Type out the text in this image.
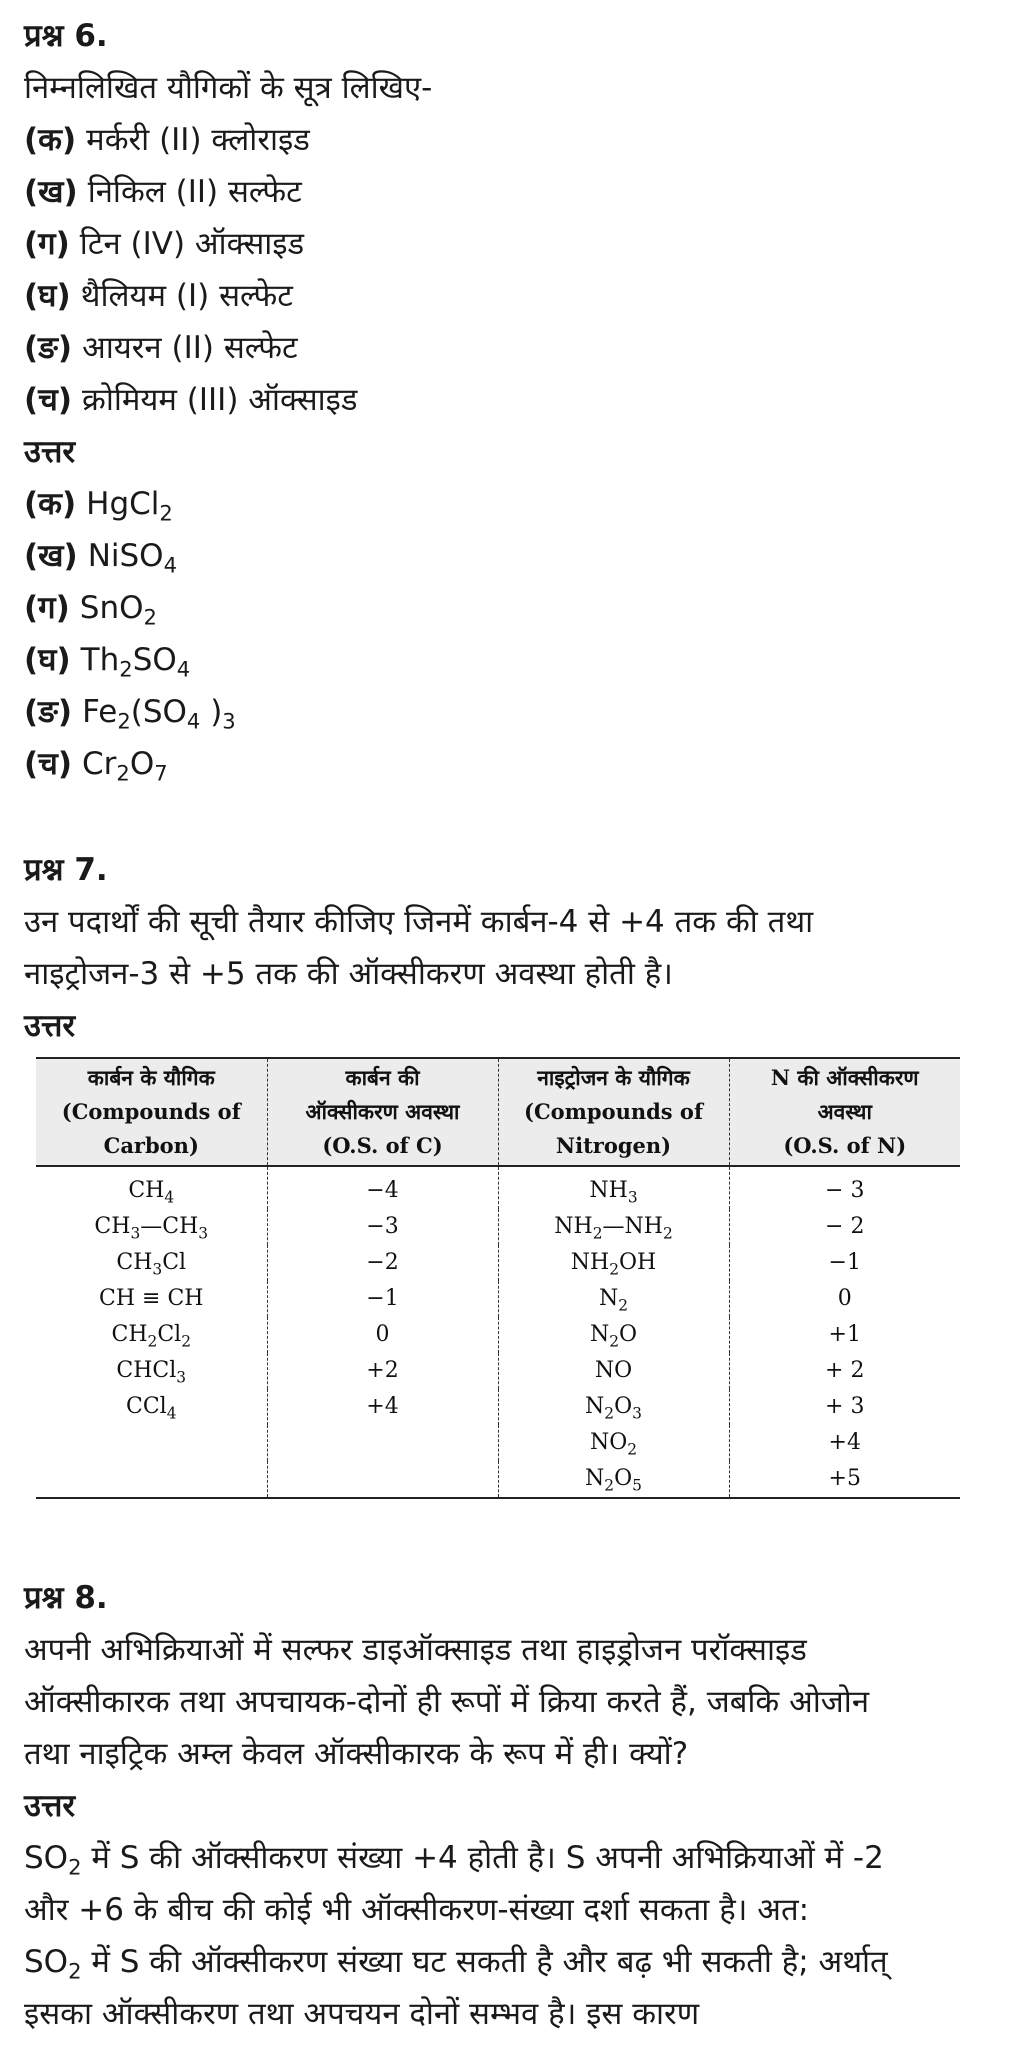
प्रश्न 6.
निम्नलिखित यौगिकों के सूत्र लिखिए-
(क) मर्करी (II) क्लोराइड
(ख) निकिल (II) सल्फेट
(ग) टिन (IV) ऑक्साइड
(घ) थैलियम (I) सल्फेट
(ङ) आयरन (II) सल्फेट
(च) क्रोमियम (III) ऑक्साइड
उत्तर
(क) HgCl$_2$
(ख) NiSO$_4$
(ग) SnO$_2$
(घ) $Th_2SO_4$
(ङ) $Fe_2(SO_4$ )$_3$
(च) $Cr_2O_7$
प्रश्न 7.
उन पदार्थों की सूची तैयार कीजिए जिनमें कार्बन-4 से +4 तक की तथा
नाइट्रोजन-3 से +5 तक की ऑक्सीकरण अवस्था होती है।
उत्तर
कार्बन के यौगिक
(Compounds of
Carbon)	कार्बन की
ऑक्सीकरण अवस्था
(O.S. of C)	नाइट्रोजन के यौगिक
(Compounds of
Nitrogen)	N की ऑक्सीकरण
अवस्था
(O.S. of N)
$CH_4$	−4	$NH_3$	− 3
$CH_3—CH_3$	−3	$NH_2—NH_2$	− 2
$CH_3Cl$	−2	$NH_2OH$	−1
CH ≡ CH	−1	$N_2$	0
$CH_2Cl_2$	0	$N_2O$	+1
CHCl$_3$	+2	NO	+ 2
CCl$_4$	+4	$N_2O_3$	+ 3
		$NO_2$	+4
		$N_2O_5$	+5
प्रश्न 8.
अपनी अभिक्रियाओं में सल्फर डाइऑक्साइड तथा हाइड्रोजन परॉक्साइड
ऑक्सीकारक तथा अपचायक-दोनों ही रूपों में क्रिया करते हैं, जबकि ओजोन
तथा नाइट्रिक अम्ल केवल ऑक्सीकारक के रूप में ही। क्यों?
उत्तर
$SO_2$ में S की ऑक्सीकरण संख्या +4 होती है। S अपनी अभिक्रियाओं में -2
और +6 के बीच की कोई भी ऑक्सीकरण-संख्या दर्शा सकता है। अत:
$SO_2$ में S की ऑक्सीकरण संख्या घट सकती है और बढ़ भी सकती है; अर्थात्
इसका ऑक्सीकरण तथा अपचयन दोनों सम्भव है। इस कारण
